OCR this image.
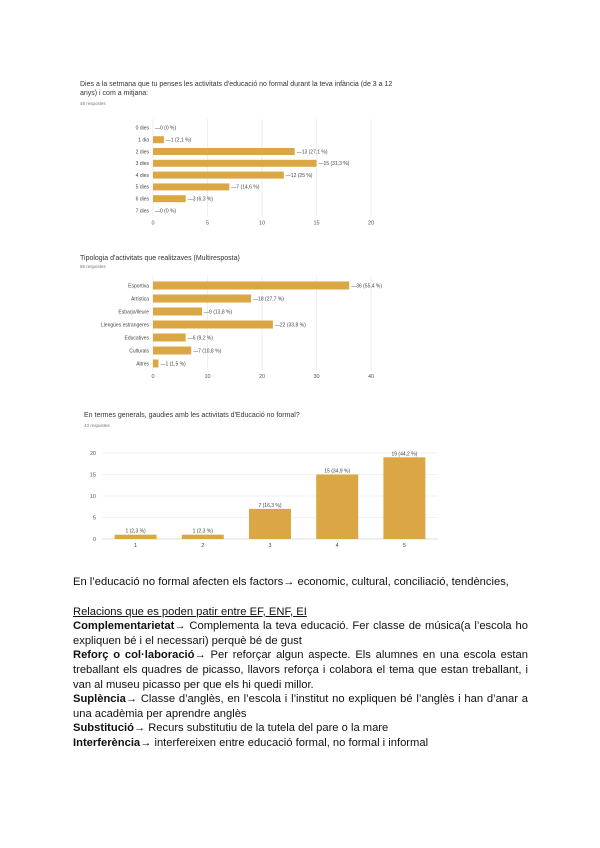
Dies a la setmana que tu penses les activitats d'educació no formal durant la teva infància (de 3 a 12 anys) i com a mitjana:
48 respostes
0	5	10	15	20
0 dies —0 (0 %)
1 dia	—1 (2,1 %)
2 dies	—13 (27,1 %)
3 dies	—15 (31,3 %)
4 dies	—12 (25 %)
5 dies	—7 (14,6 %)
6 dies	—3 (6,3 %)
7 dies —0 (0 %)
Tipologia d'activitats que realitzaves (Multiresposta)
65 respostes
0	10	20	30	40
Esportiva	—36 (55,4 %)
Artística	—18 (27,7 %)
Esbarjo/lleure	—9 (13,8 %)
Llengües estrangeres	—22 (33,8 %)
Educatives	—6 (9,2 %)
Culturals	—7 (10,8 %)
Altres —1 (1,5 %)
En termes generals, gaudies amb les activitats d'Educació no formal?
43 respostes
0
5
10
15
20
1 (2,3 %)
1
1 (2,3 %)
2
7 (16,3 %)
3
15 (34,9 %)
4
19 (44,2 %)
5

En l’educació no formal afecten els factors→ economic, cultural, conciliació, tendències,

Relacions que es poden patir entre EF, ENF, EI

Complementarietat→ Complementa la teva educació. Fer classe de música(a l’escola ho expliquen bé i el necessari) perquè bé de gust

Reforç o col·laboració→ Per reforçar algun aspecte. Els alumnes en una escola estan treballant els quadres de picasso, llavors reforça i colabora el tema que estan treballant, i van al museu picasso per que els hi quedi millor.

Suplència→ Classe d’anglès, en l’escola i l’institut no expliquen bé l’anglès i han d’anar a una acadèmia per aprendre anglès

Substitució→ Recurs substitutiu de la tutela del pare o la mare

Interferència→ interfereixen entre educació formal, no formal i informal
